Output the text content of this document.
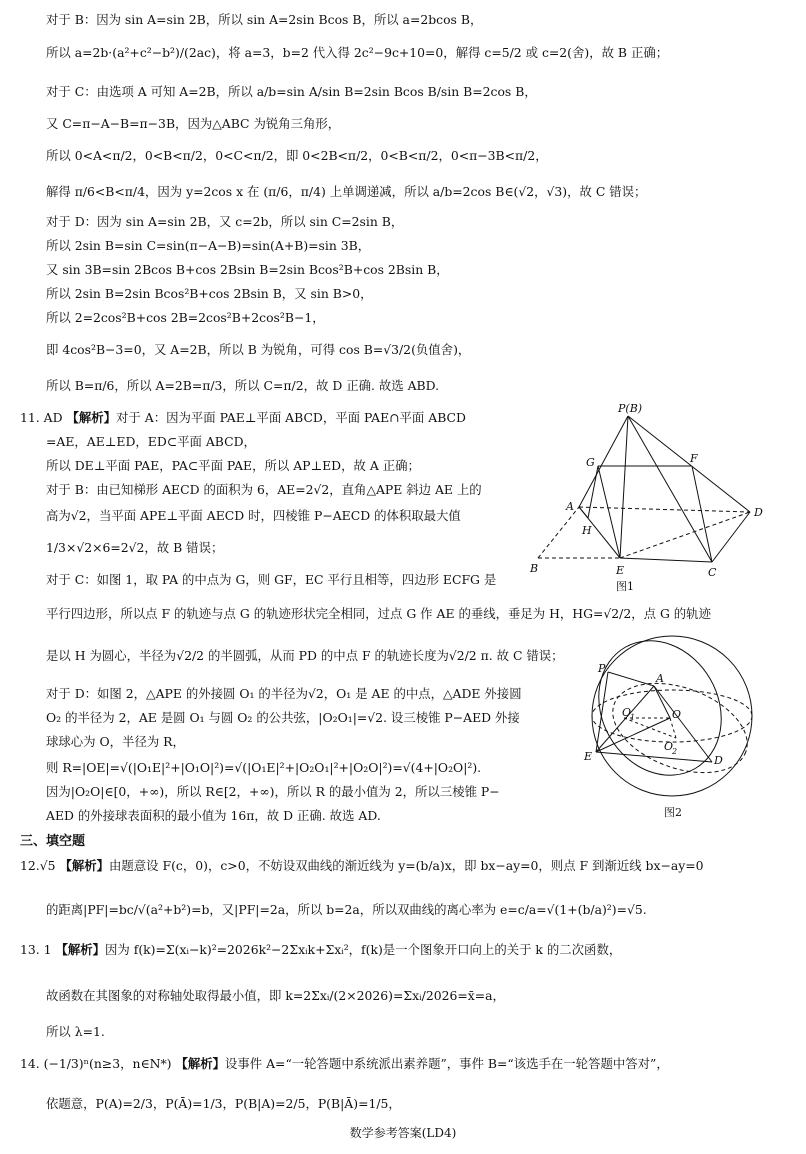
对于 B：因为 sin A=sin 2B，所以 sin A=2sin Bcos B，所以 a=2bcos B，
所以 a=2b·(a²+c²−b²)/(2ac)，将 a=3，b=2 代入得 2c²−9c+10=0，解得 c=5/2 或 c=2(舍)，故 B 正确；
对于 C：由选项 A 可知 A=2B，所以 a/b=sin A/sin B=2sin Bcos B/sin B=2cos B，
又 C=π−A−B=π−3B，因为△ABC 为锐角三角形，
所以 0<A<π/2，0<B<π/2，0<C<π/2，即 0<2B<π/2，0<B<π/2，0<π−3B<π/2，
解得 π/6<B<π/4，因为 y=2cos x 在 (π/6，π/4) 上单调递减，所以 a/b=2cos B∈(√2，√3)，故 C 错误；
对于 D：因为 sin A=sin 2B，又 c=2b，所以 sin C=2sin B，
所以 2sin B=sin C=sin(π−A−B)=sin(A+B)=sin 3B，
又 sin 3B=sin 2Bcos B+cos 2Bsin B=2sin Bcos²B+cos 2Bsin B，
所以 2sin B=2sin Bcos²B+cos 2Bsin B，又 sin B>0，
所以 2=2cos²B+cos 2B=2cos²B+2cos²B−1，
即 4cos²B−3=0，又 A=2B，所以 B 为锐角，可得 cos B=√3/2(负值舍)，
所以 B=π/6，所以 A=2B=π/3，所以 C=π/2，故 D 正确. 故选 ABD.
11. AD 【解析】对于 A：因为平面 PAE⊥平面 ABCD，平面 PAE∩平面 ABCD
=AE，AE⊥ED，ED⊂平面 ABCD，
所以 DE⊥平面 PAE，PA⊂平面 PAE，所以 AP⊥ED，故 A 正确；
对于 B：由已知梯形 AECD 的面积为 6，AE=2√2，直角△APE 斜边 AE 上的
高为√2，当平面 APE⊥平面 AECD 时，四棱锥 P−AECD 的体积取最大值
1/3×√2×6=2√2，故 B 错误；
对于 C：如图 1，取 PA 的中点为 G，则 GF，EC 平行且相等，四边形 ECFG 是
平行四边形，所以点 F 的轨迹与点 G 的轨迹形状完全相同，过点 G 作 AE 的垂线，垂足为 H，HG=√2/2，点 G 的轨迹
是以 H 为圆心，半径为√2/2 的半圆弧，从而 PD 的中点 F 的轨迹长度为√2/2 π. 故 C 错误；
对于 D：如图 2，△APE 的外接圆 O₁ 的半径为√2，O₁ 是 AE 的中点，△ADE 外接圆
O₂ 的半径为 2，AE 是圆 O₁ 与圆 O₂ 的公共弦，|O₂O₁|=√2. 设三棱锥 P−AED 外接
球球心为 O，半径为 R，
则 R=|OE|=√(|O₁E|²+|O₁O|²)=√(|O₁E|²+|O₂O₁|²+|O₂O|²)=√(4+|O₂O|²).
因为|O₂O|∈[0，+∞)，所以 R∈[2，+∞)，所以 R 的最小值为 2，所以三棱锥 P−
AED 的外接球表面积的最小值为 16π，故 D 正确. 故选 AD.
12.√5 【解析】由题意设 F(c，0)，c>0，不妨设双曲线的渐近线为 y=(b/a)x，即 bx−ay=0，则点 F 到渐近线 bx−ay=0
的距离|PF|=bc/√(a²+b²)=b，又|PF|=2a，所以 b=2a，所以双曲线的离心率为 e=c/a=√(1+(b/a)²)=√5.
13. 1 【解析】因为 f(k)=Σ(xᵢ−k)²=2026k²−2Σxᵢk+Σxᵢ²，f(k)是一个图象开口向上的关于 k 的二次函数，
故函数在其图象的对称轴处取得最小值，即 k=2Σxᵢ/(2×2026)=Σxᵢ/2026=x̄=a，
所以 λ=1.
14. (−1/3)ⁿ(n≥3，n∈N*) 【解析】设事件 A=“一轮答题中系统派出素养题”，事件 B=“该选手在一轮答题中答对”，
依题意，P(A)=2/3，P(Ā)=1/3，P(B|A)=2/5，P(B|Ā)=1/5，
三、填空题
P(B)
G	F
A	D
H
B	E	C
图1
P
A
O
1	O
E
O
2
D
图2
数学参考答案(LD4)
